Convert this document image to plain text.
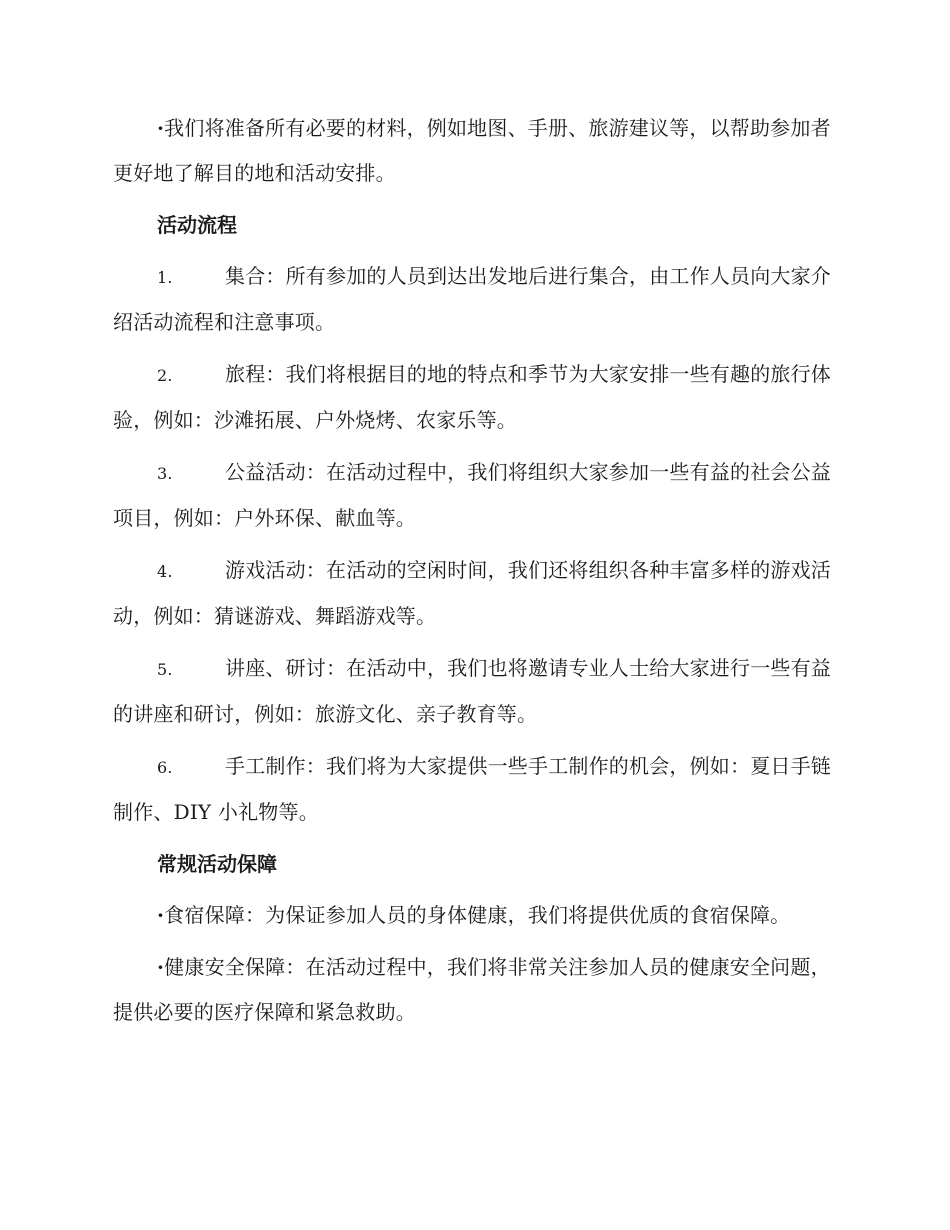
·我们将准备所有必要的材料，例如地图、手册、旅游建议等，以帮助参加者更好地了解目的地和活动安排。

活动流程

1.	集合：所有参加的人员到达出发地后进行集合，由工作人员向大家介绍活动流程和注意事项。

2.	旅程：我们将根据目的地的特点和季节为大家安排一些有趣的旅行体验，例如：沙滩拓展、户外烧烤、农家乐等。

3.	公益活动：在活动过程中，我们将组织大家参加一些有益的社会公益项目，例如：户外环保、献血等。

4.	游戏活动：在活动的空闲时间，我们还将组织各种丰富多样的游戏活动，例如：猜谜游戏、舞蹈游戏等。

5.	讲座、研讨：在活动中，我们也将邀请专业人士给大家进行一些有益的讲座和研讨，例如：旅游文化、亲子教育等。

6.	手工制作：我们将为大家提供一些手工制作的机会，例如：夏日手链制作、DIY 小礼物等。

常规活动保障

·食宿保障：为保证参加人员的身体健康，我们将提供优质的食宿保障。

·健康安全保障：在活动过程中，我们将非常关注参加人员的健康安全问题，提供必要的医疗保障和紧急救助。
